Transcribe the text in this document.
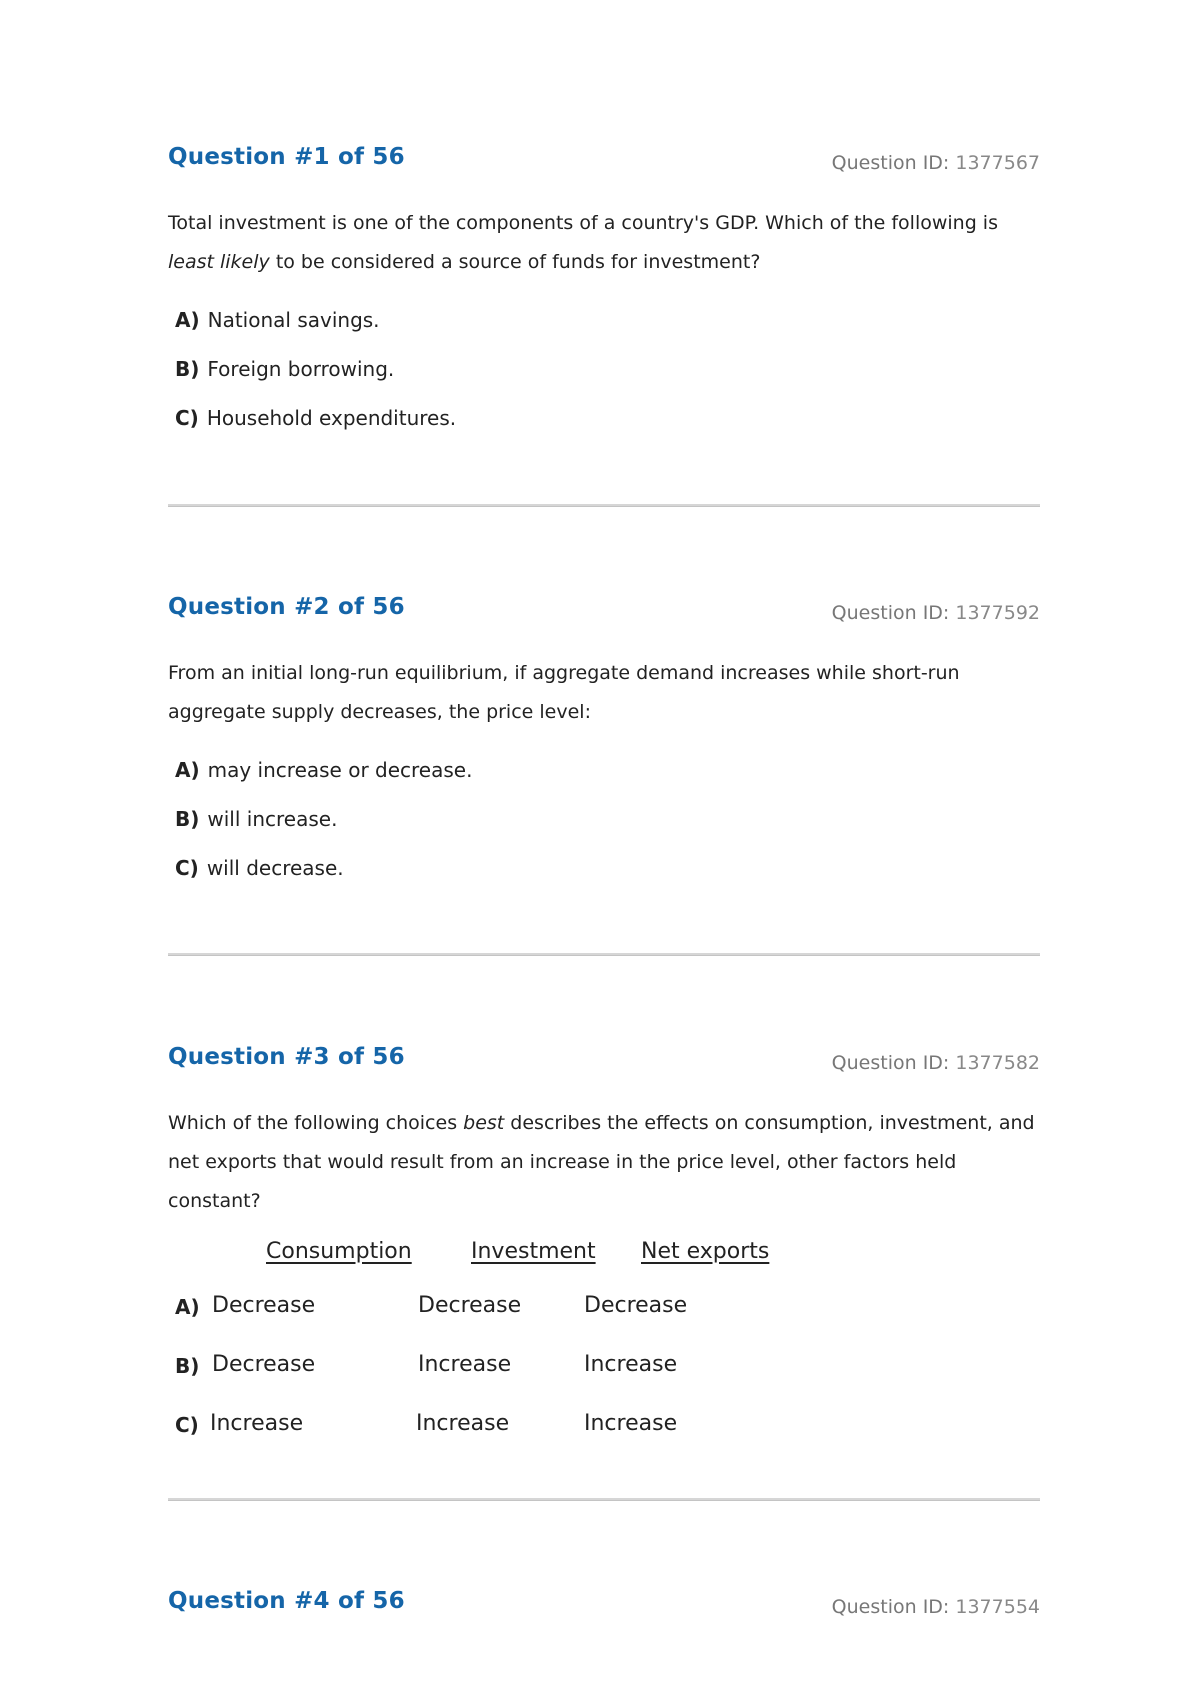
Question #1 of 56	Question ID: 1377567
Total investment is one of the components of a country's GDP. Which of the following is least likely to be considered a source of funds for investment?
A) National savings.
B) Foreign borrowing.
C) Household expenditures.
Question #2 of 56	Question ID: 1377592
From an initial long-run equilibrium, if aggregate demand increases while short-run aggregate supply decreases, the price level:
A) may increase or decrease.
B) will increase.
C) will decrease.
Question #3 of 56	Question ID: 1377582
Which of the following choices best describes the effects on consumption, investment, and net exports that would result from an increase in the price level, other factors held constant?
Consumption	Investment Net exports
A) Decrease	Decrease	Decrease
B) Decrease	Increase	Increase
C) Increase	Increase	Increase
Question #4 of 56	Question ID: 1377554
